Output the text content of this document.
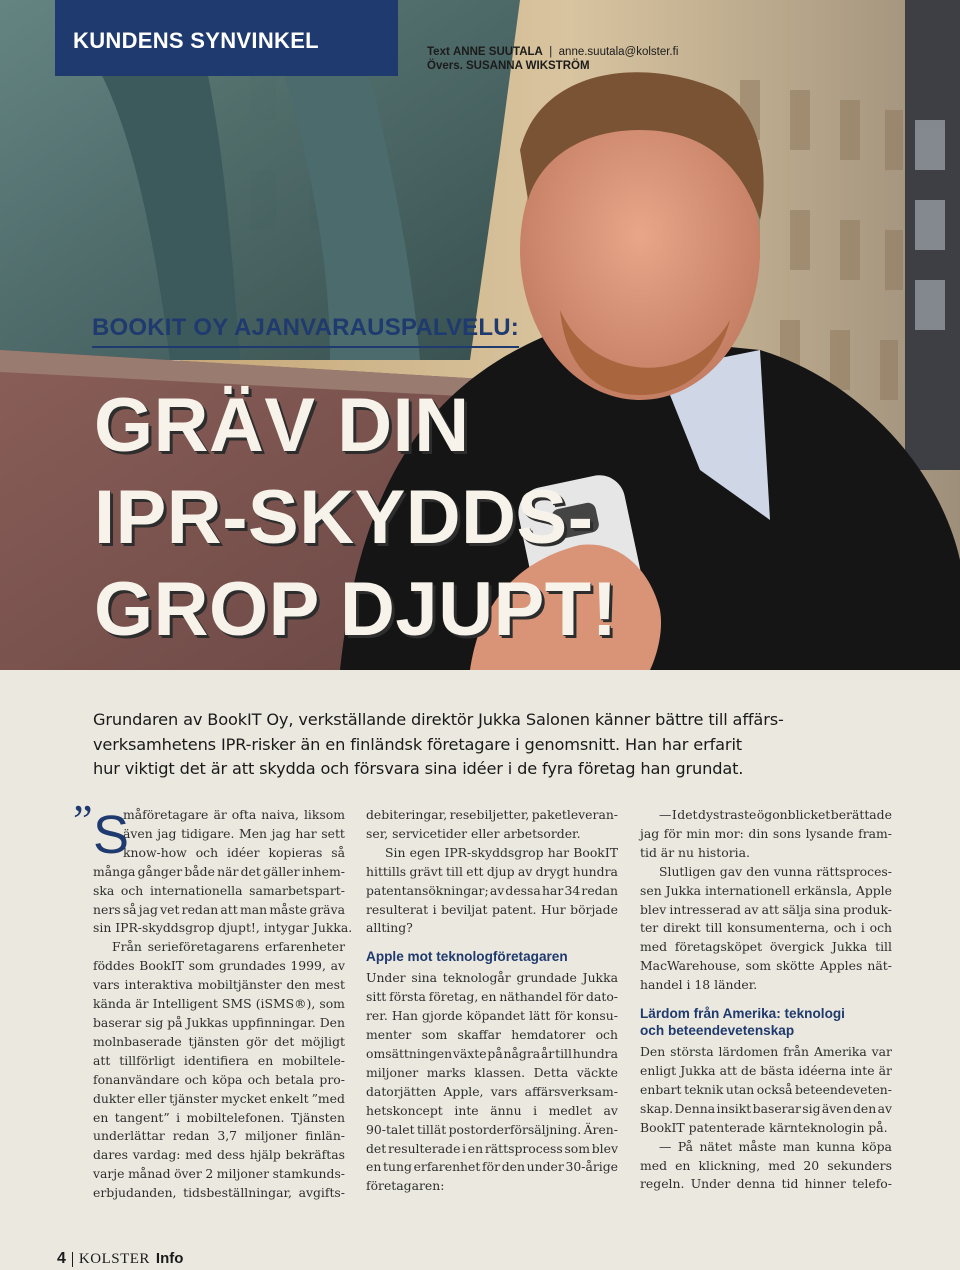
KUNDENS SYNVINKEL	Text ANNE SUUTALA  |  anne.suutala@kolster.fi
Övers. SUSANNA WIKSTRÖM
BOOKIT OY AJANVARAUSPALVELU:
GRÄV DIN
IPR-SKYDDS-
GROP DJUPT!
Grundaren av BookIT Oy, verkställande direktör Jukka Salonen känner bättre till affärs-
verksamhetens IPR-risker än en finländsk företagare i genomsnitt. Han har erfarit
hur viktigt det är att skydda och försvara sina idéer i de fyra företag han grundat.
” S
måföretagare är ofta naiva, liksom
även jag tidigare. Men jag har sett
know-how och idéer kopieras så
många gånger både när det gäller inhem-
ska och internationella samarbetspart-
ners så jag vet redan att man måste gräva
sin IPR-skyddsgrop djupt!, intygar Jukka.
Från serieföretagarens erfarenheter
föddes BookIT som grundades 1999, av
vars interaktiva mobiltjänster den mest
kända är Intelligent SMS (iSMS®), som
baserar sig på Jukkas uppfinningar. Den
molnbaserade tjänsten gör det möjligt
att tillförligt identifiera en mobiltele-
fonanvändare och köpa och betala pro-
dukter eller tjänster mycket enkelt ”med
en tangent” i mobiltelefonen. Tjänsten
underlättar redan 3,7 miljoner finlän-
dares vardag: med dess hjälp bekräftas
varje månad över 2 miljoner stamkunds-
erbjudanden, tidsbeställningar, avgifts-
debiteringar, resebiljetter, paketleveran-
ser, servicetider eller arbetsorder.
Sin egen IPR-skyddsgrop har BookIT
hittills grävt till ett djup av drygt hundra
patentansökningar; av dessa har 34 redan
resulterat i beviljat patent. Hur började
allting?
Apple mot teknologföretagaren
Under sina teknologår grundade Jukka
sitt första företag, en näthandel för dato-
rer. Han gjorde köpandet lätt för konsu-
menter som skaffar hemdatorer och
omsättningen växte på några år till hundra
miljoner marks klassen. Detta väckte
datorjätten Apple, vars affärsverksam-
hetskoncept inte ännu i medlet av
90-talet tillät postorderförsäljning. Ären-
det resulterade i en rättsprocess som blev
en tung erfarenhet för den under 30-årige
företagaren:
— I det dystraste ögonblicket berättade
jag för min mor: din sons lysande fram-
tid är nu historia.
Slutligen gav den vunna rättsproces-
sen Jukka internationell erkänsla, Apple
blev intresserad av att sälja sina produk-
ter direkt till konsumenterna, och i och
med företagsköpet övergick Jukka till
MacWarehouse, som skötte Apples nät-
handel i 18 länder.
Lärdom från Amerika: teknologi
och beteendevetenskap
Den största lärdomen från Amerika var
enligt Jukka att de bästa idéerna inte är
enbart teknik utan också beteendeveten-
skap. Denna insikt baserar sig även den av
BookIT patenterade kärnteknologin på.
— På nätet måste man kunna köpa
med en klickning, med 20 sekunders
regeln. Under denna tid hinner telefo-
4 KOLSTER Info
